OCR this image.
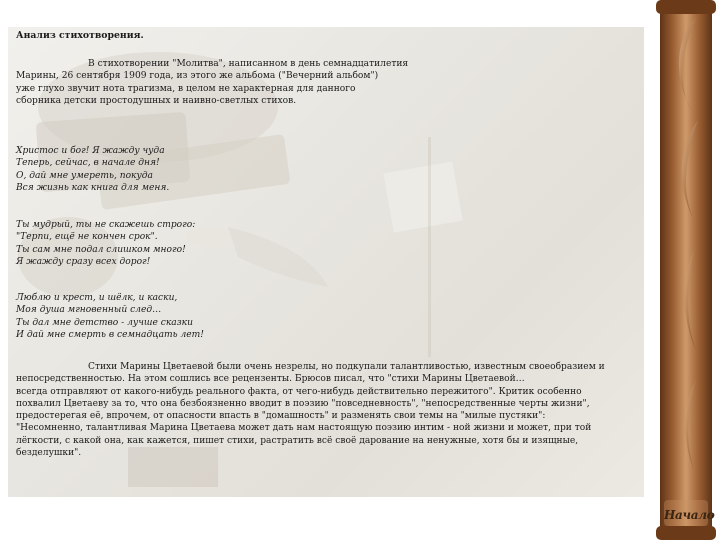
Анализ стихотворения.
В стихотворении "Молитва", написанном в день семнадцатилетия
Марины, 26 сентября 1909 года, из этого же альбома ("Вечерний альбом")
уже глухо звучит нота трагизма, в целом не характерная для данного
сборника детски простодушных и наивно-светлых стихов.
Христос и бог! Я жажду чуда
Теперь, сейчас, в начале дня!
О, дай мне умереть, покуда
Вся жизнь как книга для меня.
Ты мудрый, ты не скажешь строго:
"Терпи, ещё не кончен срок".
Ты сам мне подал слишком много!
Я жажду сразу всех дорог!
Люблю и крест, и шёлк, и каски,
Моя душа мгновенный след…
Ты дал мне детство - лучше сказки
И дай мне смерть в семнадцать лет!
Стихи Марины Цветаевой были очень незрелы, но подкупали талантливостью, известным своеобразием и
непосредственностью. На этом сошлись все рецензенты. Брюсов писал, что "стихи Марины Цветаевой…
всегда отправляют от какого-нибудь реального факта, от чего-нибудь действительно пережитого". Критик особенно
похвалил Цветаеву за то, что она безбоязненно вводит в поэзию "повседневность", "непосредственные черты жизни",
предостерегая её, впрочем, от опасности впасть в "домашность" и разменять свои темы на "милые пустяки":
"Несомненно, талантливая Марина Цветаева может дать нам настоящую поэзию интим - ной жизни и может, при той
лёгкости, с какой она, как кажется, пишет стихи, растратить всё своё дарование на ненужные, хотя бы и изящные,
безделушки".
Начало
